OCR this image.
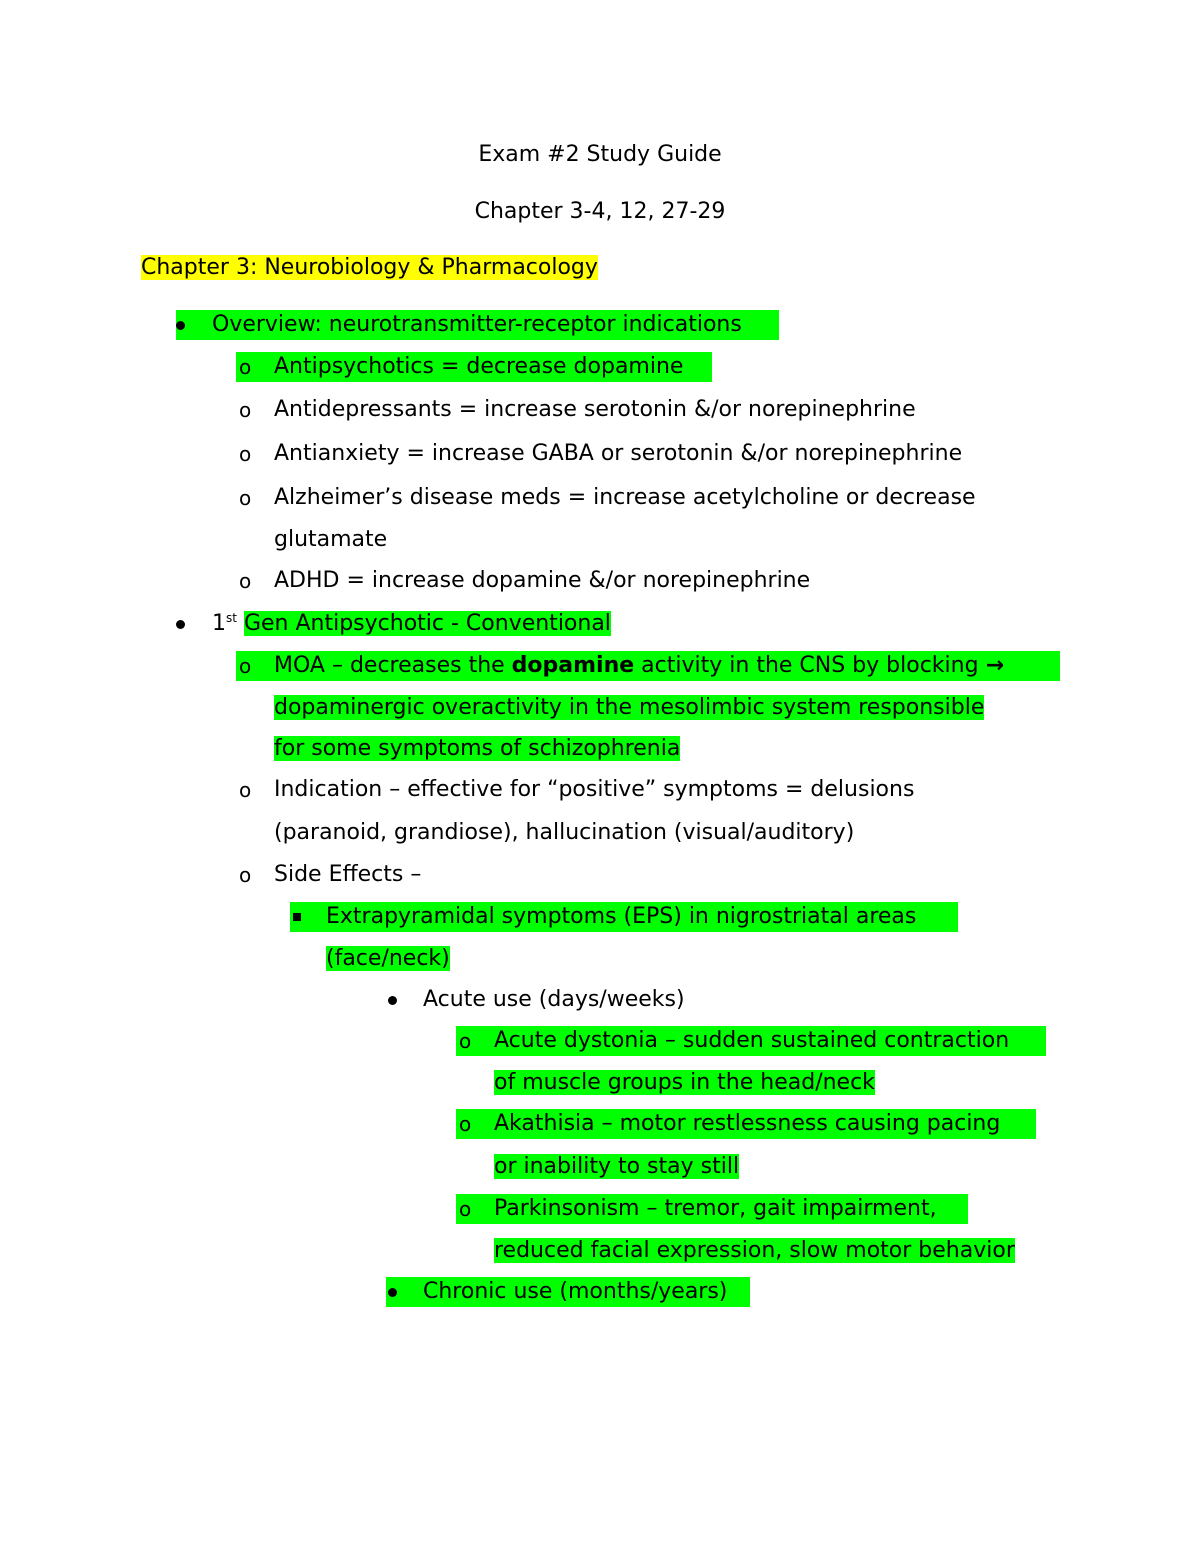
Exam #2 Study Guide
Chapter 3-4, 12, 27-29
Chapter 3: Neurobiology & Pharmacology
Overview: neurotransmitter-receptor indications
o Antipsychotics = decrease dopamine
o Antidepressants = increase serotonin &/or norepinephrine
o Antianxiety = increase GABA or serotonin &/or norepinephrine
o Alzheimer’s disease meds = increase acetylcholine or decrease
glutamate
o ADHD = increase dopamine &/or norepinephrine
1st Gen Antipsychotic - Conventional
o MOA – decreases the dopamine activity in the CNS by blocking →
dopaminergic overactivity in the mesolimbic system responsible
for some symptoms of schizophrenia
o Indication – effective for “positive” symptoms = delusions
(paranoid, grandiose), hallucination (visual/auditory)
o Side Effects –
Extrapyramidal symptoms (EPS) in nigrostriatal areas
(face/neck)
Acute use (days/weeks)
o Acute dystonia – sudden sustained contraction
of muscle groups in the head/neck
o Akathisia – motor restlessness causing pacing
or inability to stay still
o Parkinsonism – tremor, gait impairment,
reduced facial expression, slow motor behavior
Chronic use (months/years)
